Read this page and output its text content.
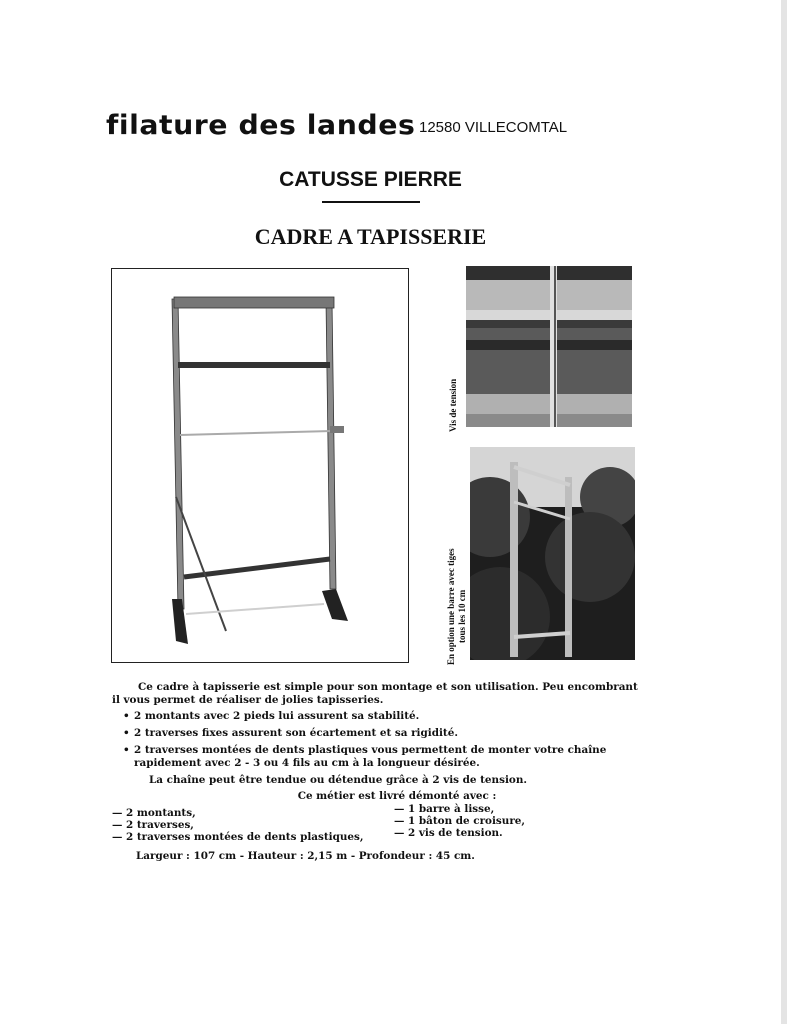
filature des landes 12580 VILLECOMTAL
CATUSSE PIERRE
CADRE A TAPISSERIE
Vis de tension
En option une barre avec tiges tous les 10 cm

Ce cadre à tapisserie est simple pour son montage et son utilisation. Peu encombrant il vous permet de réaliser de jolies tapisseries.

• 2 montants avec 2 pieds lui assurent sa stabilité.
• 2 traverses fixes assurent son écartement et sa rigidité.
• 2 traverses montées de dents plastiques vous permettent de monter votre chaîne rapidement avec 2 - 3 ou 4 fils au cm à la longueur désirée.
La chaîne peut être tendue ou détendue grâce à 2 vis de tension.
Ce métier est livré démonté avec :
— 2 montants,
— 2 traverses,
— 2 traverses montées de dents plastiques,
— 1 barre à lisse,
— 1 bâton de croisure,
— 2 vis de tension.
Largeur : 107 cm - Hauteur : 2,15 m - Profondeur : 45 cm.
